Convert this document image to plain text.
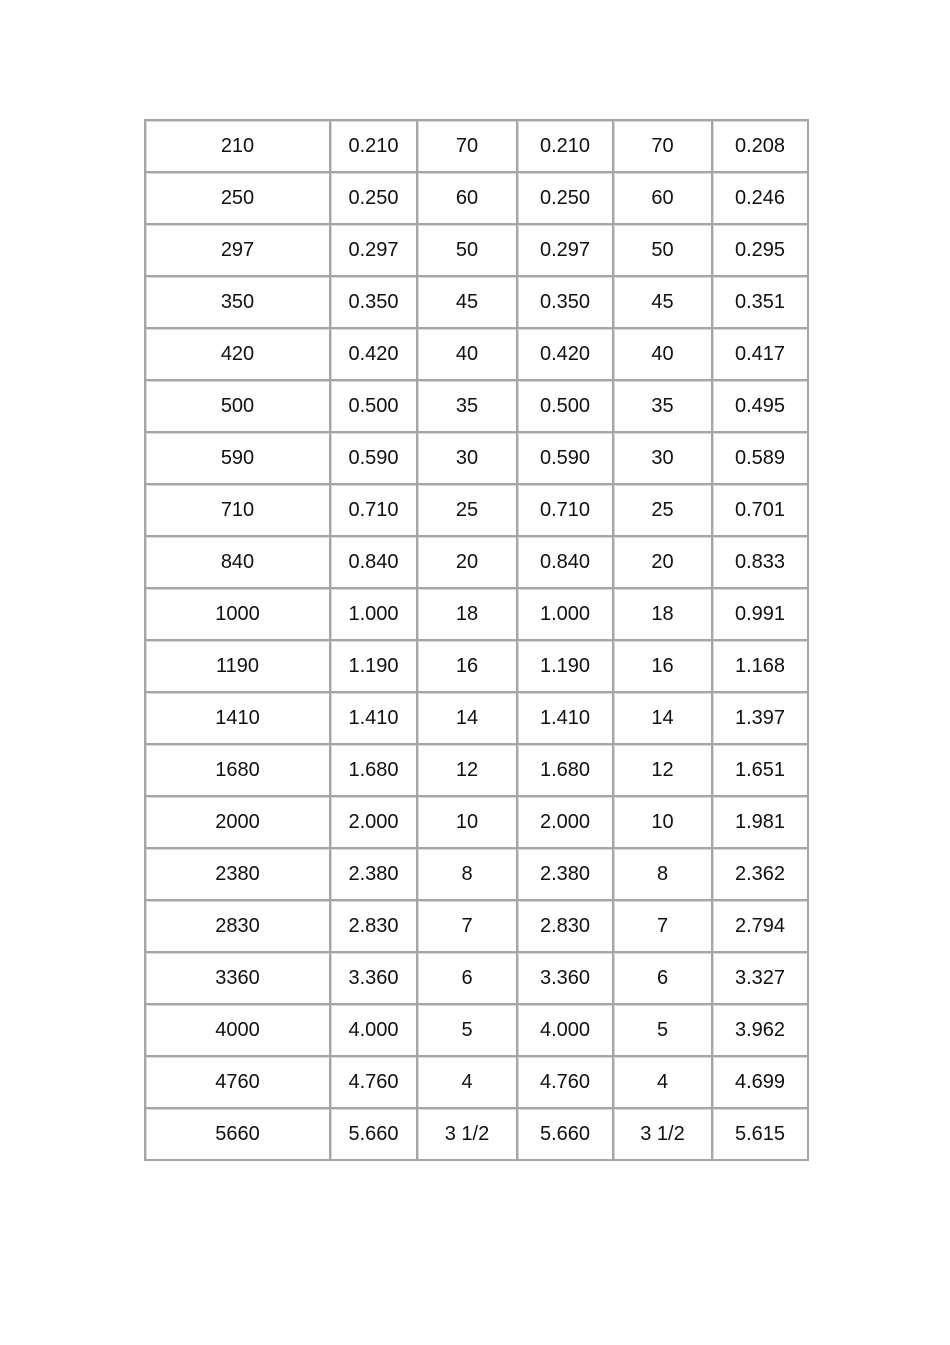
210	0.210	70	0.210	70	0.208
250	0.250	60	0.250	60	0.246
297	0.297	50	0.297	50	0.295
350	0.350	45	0.350	45	0.351
420	0.420	40	0.420	40	0.417
500	0.500	35	0.500	35	0.495
590	0.590	30	0.590	30	0.589
710	0.710	25	0.710	25	0.701
840	0.840	20	0.840	20	0.833
1000	1.000	18	1.000	18	0.991
1190	1.190	16	1.190	16	1.168
1410	1.410	14	1.410	14	1.397
1680	1.680	12	1.680	12	1.651
2000	2.000	10	2.000	10	1.981
2380	2.380	8	2.380	8	2.362
2830	2.830	7	2.830	7	2.794
3360	3.360	6	3.360	6	3.327
4000	4.000	5	4.000	5	3.962
4760	4.760	4	4.760	4	4.699
5660	5.660	3 1/2	5.660	3 1/2	5.615
